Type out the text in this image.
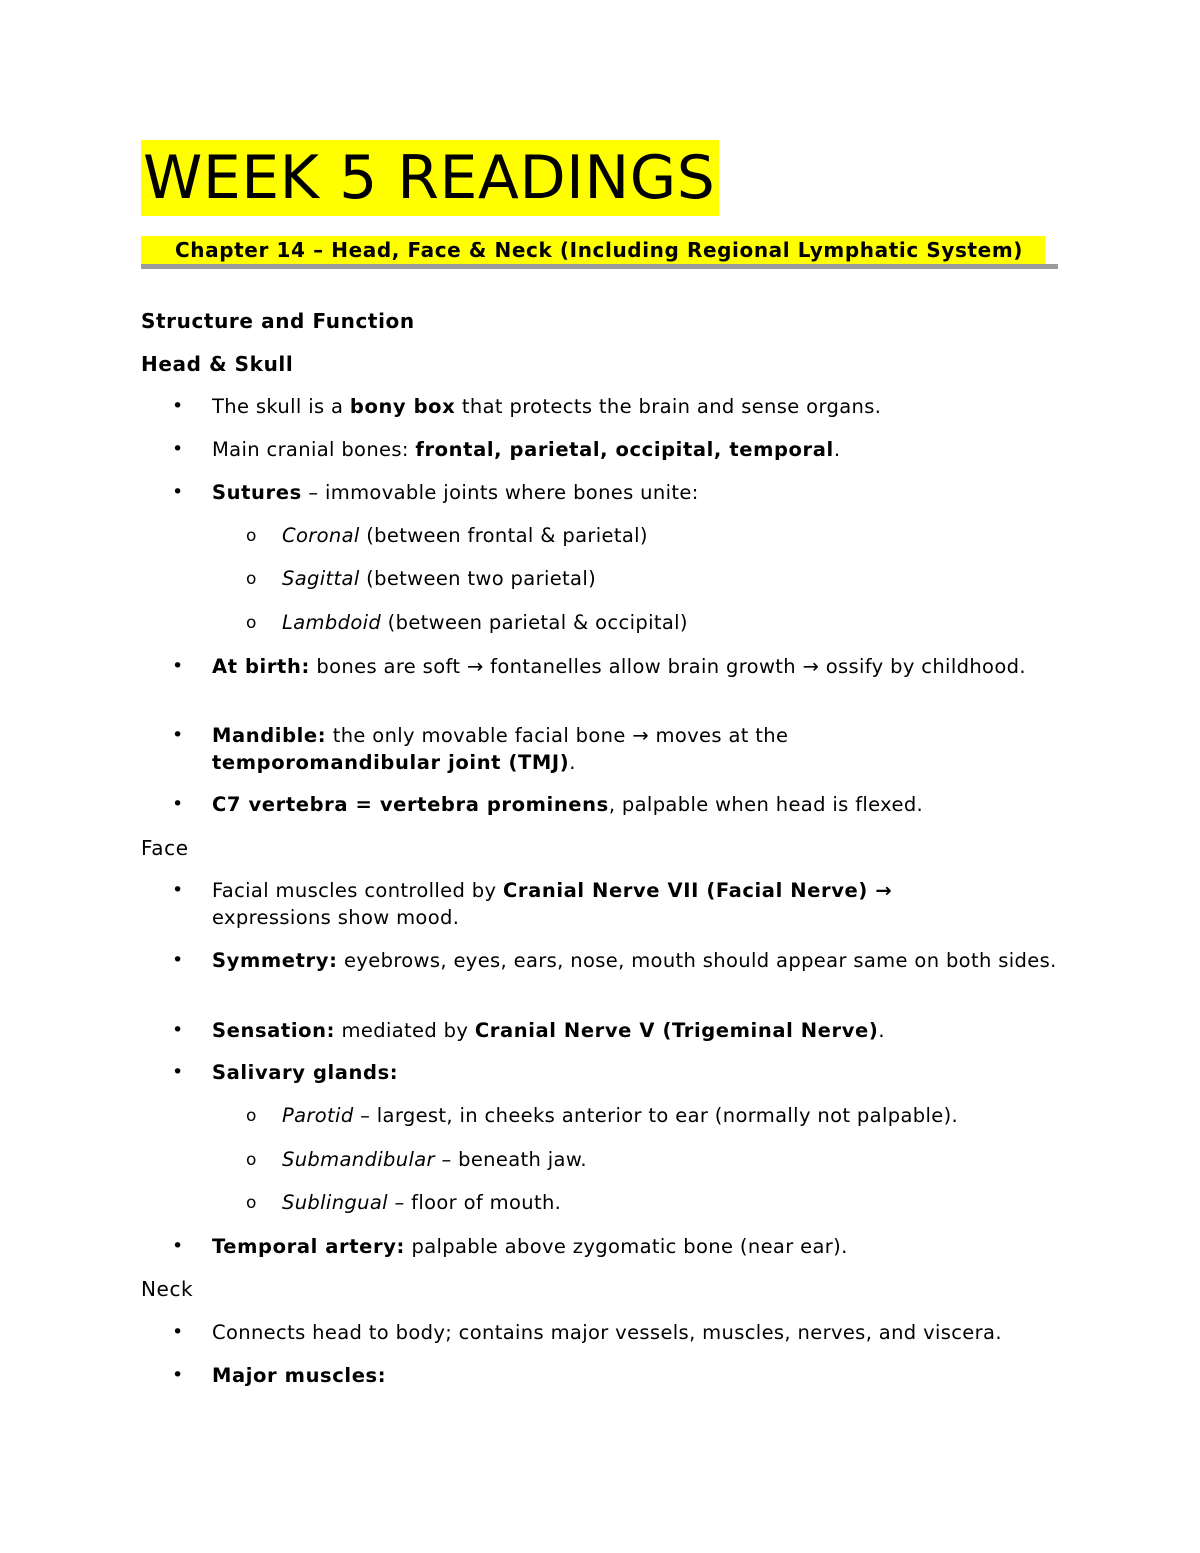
WEEK 5 READINGS
Chapter 14 – Head, Face & Neck (Including Regional Lymphatic System)
Structure and Function
Head & Skull
• The skull is a bony box that protects the brain and sense organs.
• Main cranial bones: frontal, parietal, occipital, temporal.
• Sutures – immovable joints where bones unite:
o Coronal (between frontal & parietal)
o Sagittal (between two parietal)
o Lambdoid (between parietal & occipital)
• At birth: bones are soft → fontanelles allow brain growth → ossify by childhood.
• Mandible: the only movable facial bone → moves at the temporomandibular joint (TMJ).
• C7 vertebra = vertebra prominens, palpable when head is flexed.
Face
• Facial muscles controlled by Cranial Nerve VII (Facial Nerve) → expressions show mood.
• Symmetry: eyebrows, eyes, ears, nose, mouth should appear same on both sides.
• Sensation: mediated by Cranial Nerve V (Trigeminal Nerve).
• Salivary glands:
o Parotid – largest, in cheeks anterior to ear (normally not palpable).
o Submandibular – beneath jaw.
o Sublingual – floor of mouth.
• Temporal artery: palpable above zygomatic bone (near ear).
Neck
• Connects head to body; contains major vessels, muscles, nerves, and viscera.
• Major muscles:
